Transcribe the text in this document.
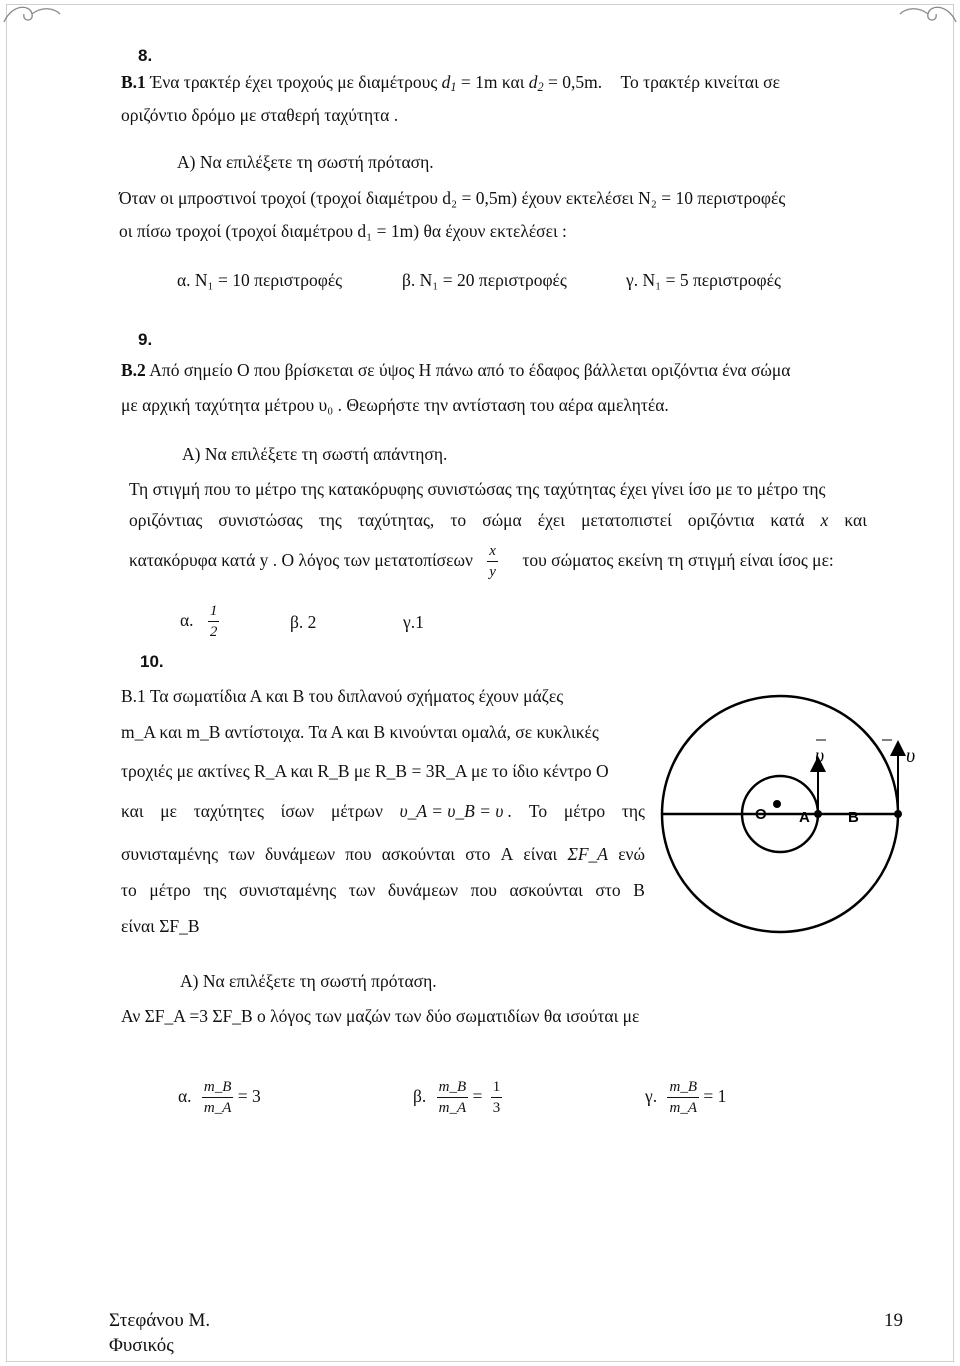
8.
Β.1 Ένα τρακτέρ έχει τροχούς με διαμέτρους $d_1 = 1m$ και $d_2 = 0,5m$. Το τρακτέρ κινείται σε
οριζόντιο δρόμο με σταθερή ταχύτητα .
Α) Να επιλέξετε τη σωστή πρόταση.
Όταν οι μπροστινοί τροχοί (τροχοί διαμέτρου d₂ = 0,5m) έχουν εκτελέσει N₂ = 10 περιστροφές
οι πίσω τροχοί (τροχοί διαμέτρου d₁ = 1m) θα έχουν εκτελέσει :
α. N₁ = 10 περιστροφές	β. N₁ = 20 περιστροφές	γ. N₁ = 5 περιστροφές
9.
Β.2 Από σημείο Ο που βρίσκεται σε ύψος H πάνω από το έδαφος βάλλεται οριζόντια ένα σώμα
με αρχική ταχύτητα μέτρου υ₀ . Θεωρήστε την αντίσταση του αέρα αμελητέα.
Α) Να επιλέξετε τη σωστή απάντηση.
Τη στιγμή που το μέτρο της κατακόρυφης συνιστώσας της ταχύτητας έχει γίνει ίσο με το μέτρο της
οριζόντιας συνιστώσας της ταχύτητας, το σώμα έχει μετατοπιστεί οριζόντια κατά x και
κατακόρυφα κατά y . Ο λόγος των μετατοπίσεων $\frac{x}{y}$ του σώματος εκείνη τη στιγμή είναι ίσος με:
α. $\frac{1}{2}$	β. 2	γ.1
10.
Β.1 Τα σωματίδια Α και Β του διπλανού σχήματος έχουν μάζες
m_A και m_B αντίστοιχα. Τα Α και Β κινούνται ομαλά, σε κυκλικές
τροχιές με ακτίνες R_A και R_B με R_B = 3R_A με το ίδιο κέντρο Ο
και με ταχύτητες ίσων μέτρων υ_A = υ_B = υ . Το μέτρο της
συνισταμένης των δυνάμεων που ασκούνται στο Α είναι ΣF_A ενώ
το μέτρο της συνισταμένης των δυνάμεων που ασκούνται στο Β
είναι ΣF_B
Α) Να επιλέξετε τη σωστή πρόταση.
Αν ΣF_A =3 ΣF_B ο λόγος των μαζών των δύο σωματιδίων θα ισούται με
α. $\frac{m\_B}{m\_A} = 3$	β. $\frac{m\_B}{m\_A} = \frac{1}{3}$	γ. $\frac{m\_B}{m\_A} = 1$
O A	B
υ	υ
Στεφάνου Μ.
Φυσικός
19
